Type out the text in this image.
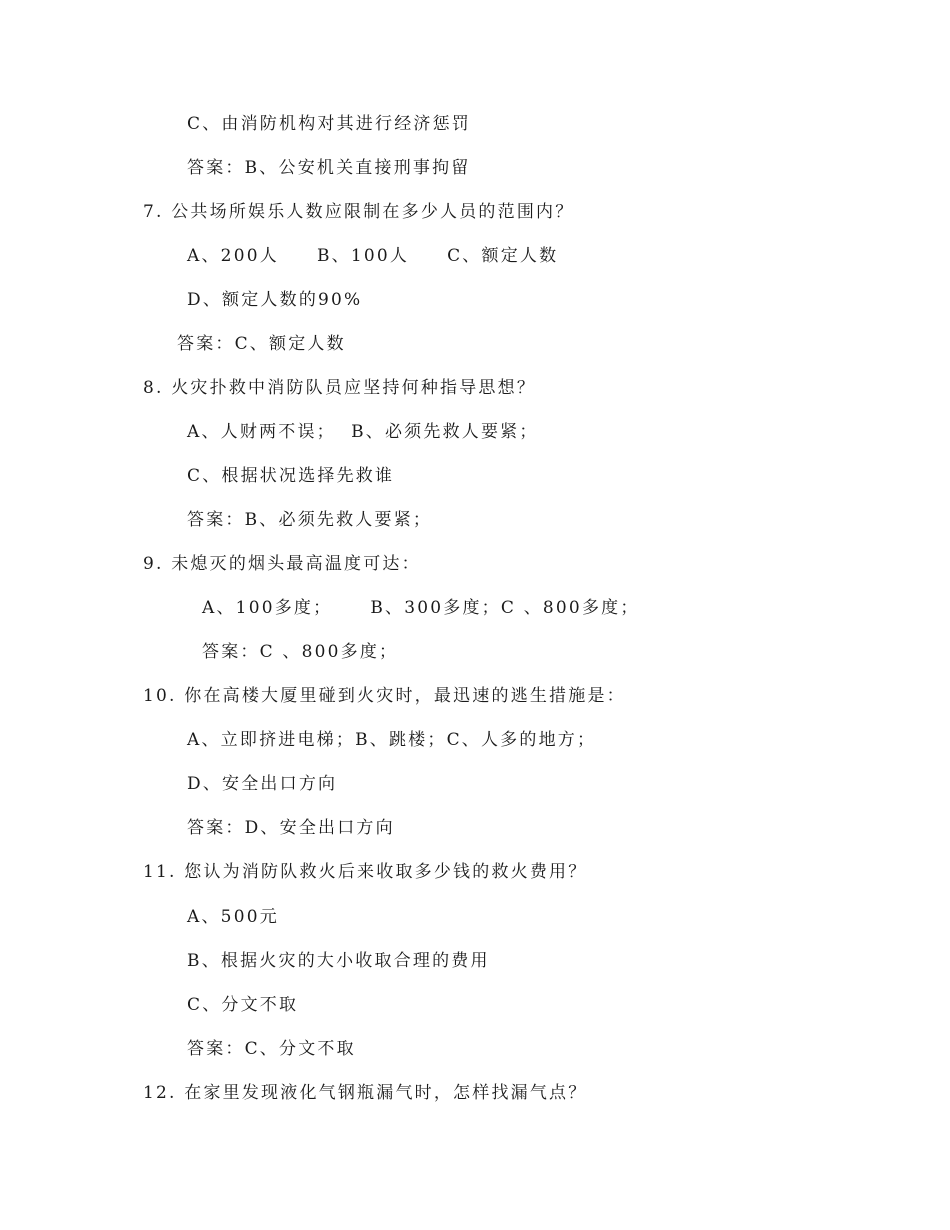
C、由消防机构对其进行经济惩罚
答案：B、公安机关直接刑事拘留
7. 公共场所娱乐人数应限制在多少人员的范围内？
A、200人     B、100人     C、额定人数
D、额定人数的90%
答案：C、额定人数
8. 火灾扑救中消防队员应坚持何种指导思想？
A、人财两不误；  B、必须先救人要紧；
C、根据状况选择先救谁
答案：B、必须先救人要紧；
9. 未熄灭的烟头最高温度可达：
A、100多度；     B、300多度；C 、800多度；
答案：C 、800多度；
10. 你在高楼大厦里碰到火灾时，最迅速的逃生措施是：
A、立即挤进电梯；B、跳楼；C、人多的地方；
D、安全出口方向
答案：D、安全出口方向
11. 您认为消防队救火后来收取多少钱的救火费用？
A、500元
B、根据火灾的大小收取合理的费用
C、分文不取
答案：C、分文不取
12. 在家里发现液化气钢瓶漏气时，怎样找漏气点？
